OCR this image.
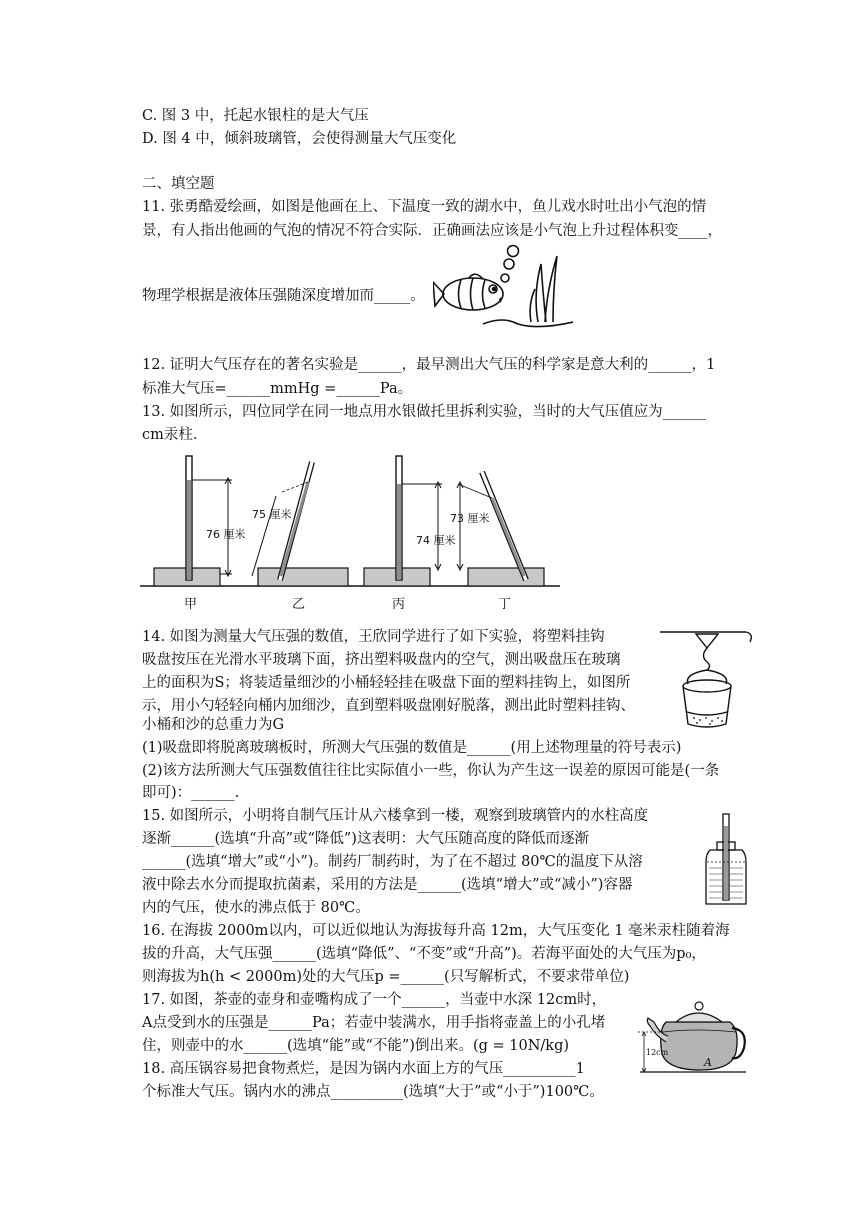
C. 图 3 中，托起水银柱的是大气压
D. 图 4 中，倾斜玻璃管，会使得测量大气压变化
二、填空题
11. 张勇酷爱绘画，如图是他画在上、下温度一致的湖水中，鱼儿戏水时吐出小气泡的情
景，有人指出他画的气泡的情况不符合实际．正确画法应该是小气泡上升过程体积变____，
物理学根据是液体压强随深度增加而_____。
12. 证明大气压存在的著名实验是______，最早测出大气压的科学家是意大利的______，1
标准大气压=______mmHg =______Pa。
13. 如图所示，四位同学在同一地点用水银做托里拆利实验，当时的大气压值应为______
cm汞柱．
76 厘米
75 厘米
74 厘米
73 厘米
甲	乙	丙	丁
14. 如图为测量大气压强的数值，王欣同学进行了如下实验，将塑料挂钩
吸盘按压在光滑水平玻璃下面，挤出塑料吸盘内的空气，测出吸盘压在玻璃
上的面积为S；将装适量细沙的小桶轻轻挂在吸盘下面的塑料挂钩上，如图所
示，用小勺轻轻向桶内加细沙，直到塑料吸盘刚好脱落，测出此时塑料挂钩、
小桶和沙的总重力为G
(1)吸盘即将脱离玻璃板时，所测大气压强的数值是______(用上述物理量的符号表示)
(2)该方法所测大气压强数值往往比实际值小一些，你认为产生这一误差的原因可能是(一条
即可)：______.
15. 如图所示，小明将自制气压计从六楼拿到一楼，观察到玻璃管内的水柱高度
逐渐______(选填“升高”或“降低”)这表明：大气压随高度的降低而逐渐
______(选填“增大”或“小”)。制药厂制药时，为了在不超过 80℃的温度下从溶
液中除去水分而提取抗菌素，采用的方法是______(选填“增大”或“减小”)容器
内的气压，使水的沸点低于 80℃。
16. 在海拔 2000m以内，可以近似地认为海拔每升高 12m，大气压变化 1 毫米汞柱随着海
拔的升高，大气压强______(选填“降低”、“不变”或“升高”)。若海平面处的大气压为p₀，
则海拔为h(h < 2000m)处的大气压p =______(只写解析式，不要求带单位)
17. 如图，茶壶的壶身和壶嘴构成了一个______，当壶中水深 12cm时，
A点受到水的压强是______Pa；若壶中装满水，用手指将壶盖上的小孔堵
住，则壶中的水______(选填“能”或“不能”)倒出来。(g = 10N/kg)	12cm
A
18. 高压锅容易把食物煮烂，是因为锅内水面上方的气压__________1
个标准大气压。锅内水的沸点__________(选填“大于”或“小于”)100℃。
